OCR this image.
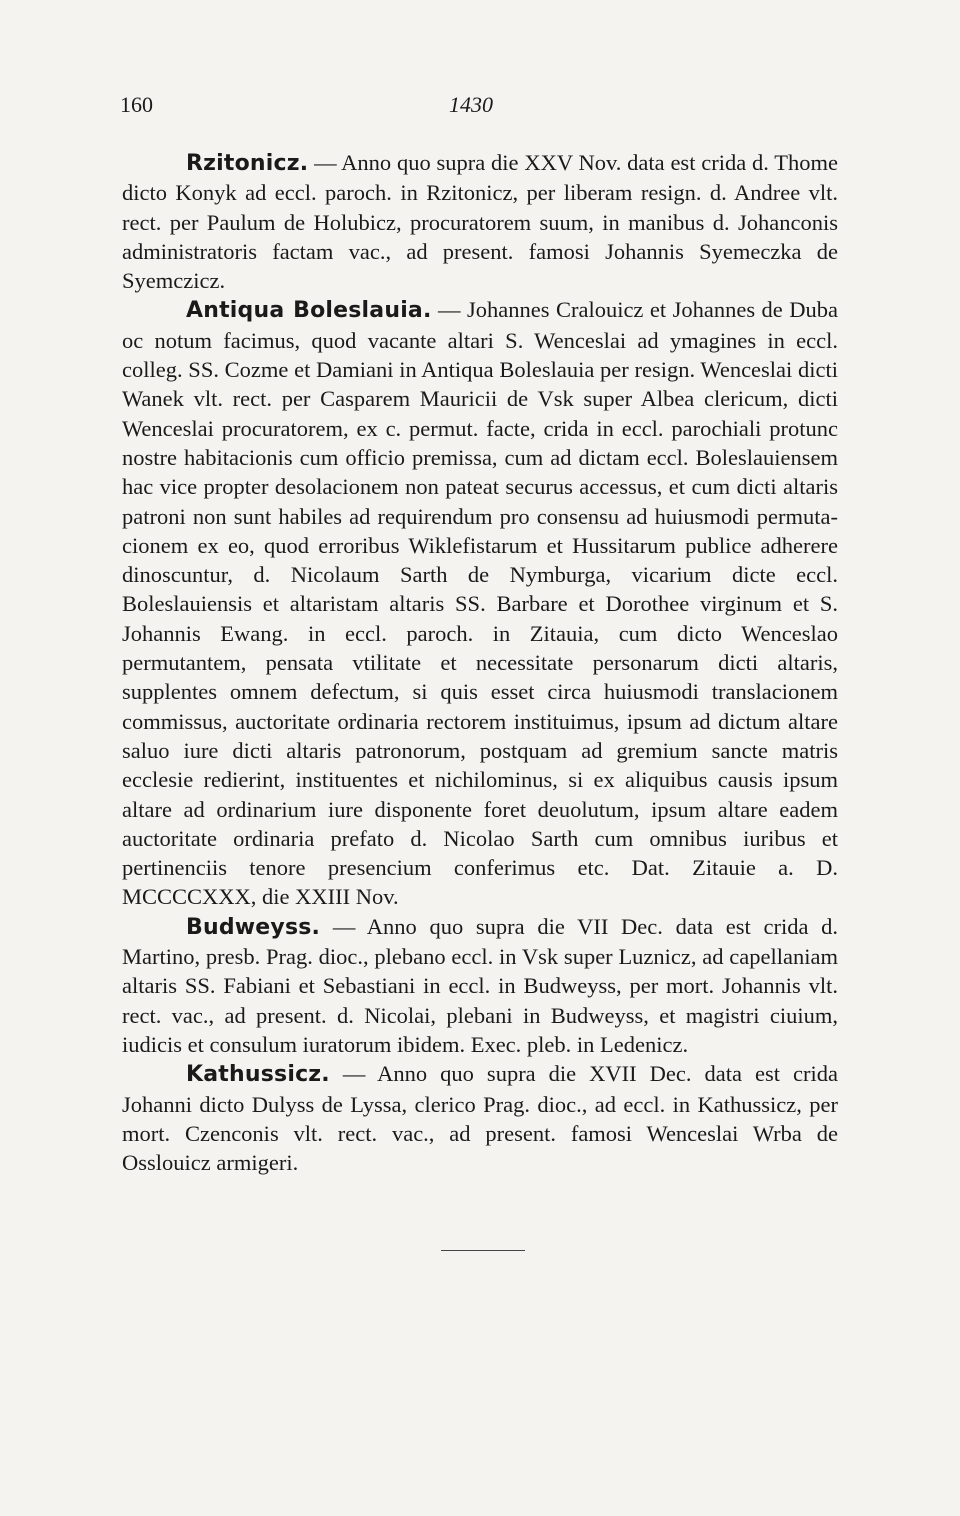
160	1430

Rzitonicz. — Anno quo supra die XXV Nov. data est crida d. Thome dicto Konyk ad eccl. paroch. in Rzitonicz, per liberam resign. d. Andree vlt. rect. per Paulum de Holubicz, procuratorem suum, in manibus d. Johanconis administratoris factam vac., ad present. famosi Johannis Syemeczka de Syemczicz.

Antiqua Boleslauia. — Johannes Cralouicz et Johannes de Duba oc notum facimus, quod vacante altari S. Wenceslai ad ymagines in eccl. colleg. SS. Cozme et Damiani in Antiqua Boleslauia per resign. Wenceslai dicti Wanek vlt. rect. per Casparem Mauricii de Vsk super Albea clericum, dicti Wenceslai procuratorem, ex c. permut. facte, crida in eccl. parochiali protunc nostre habitacionis cum officio premissa, cum ad dictam eccl. Boleslauiensem hac vice propter desolacionem non pateat securus accessus, et cum dicti altaris patroni non sunt habiles ad requirendum pro consensu ad huiusmodi permutacionem ex eo, quod erroribus Wiklefistarum et Hussitarum publice adherere dinoscuntur, d. Nicolaum Sarth de Nymburga, vicarium dicte eccl. Boleslauiensis et altaristam altaris SS. Barbare et Dorothee virginum et S. Johannis Ewang. in eccl. paroch. in Zitauia, cum dicto Wenceslao permutantem, pensata vtilitate et necessitate personarum dicti altaris, supplentes omnem defectum, si quis esset circa huiusmodi translacionem commissus, auctoritate ordinaria rectorem instituimus, ipsum ad dictum altare saluo iure dicti altaris patronorum, postquam ad gremium sancte matris ecclesie redierint, instituentes et nichilominus, si ex aliquibus causis ipsum altare ad ordinarium iure disponente foret deuolutum, ipsum altare eadem auctoritate ordinaria prefato d. Nicolao Sarth cum omnibus iuribus et pertinenciis tenore presencium conferimus etc. Dat. Zitauie a. D. MCCCCXXX, die XXIII Nov.

Budweyss. — Anno quo supra die VII Dec. data est crida d. Martino, presb. Prag. dioc., plebano eccl. in Vsk super Luznicz, ad capellaniam altaris SS. Fabiani et Sebastiani in eccl. in Budweyss, per mort. Johannis vlt. rect. vac., ad present. d. Nicolai, plebani in Budweyss, et magistri ciuium, iudicis et consulum iuratorum ibidem. Exec. pleb. in Ledenicz.

Kathussicz. — Anno quo supra die XVII Dec. data est crida Johanni dicto Dulyss de Lyssa, clerico Prag. dioc., ad eccl. in Kathussicz, per mort. Czenconis vlt. rect. vac., ad present. famosi Wenceslai Wrba de Osslouicz armigeri.
